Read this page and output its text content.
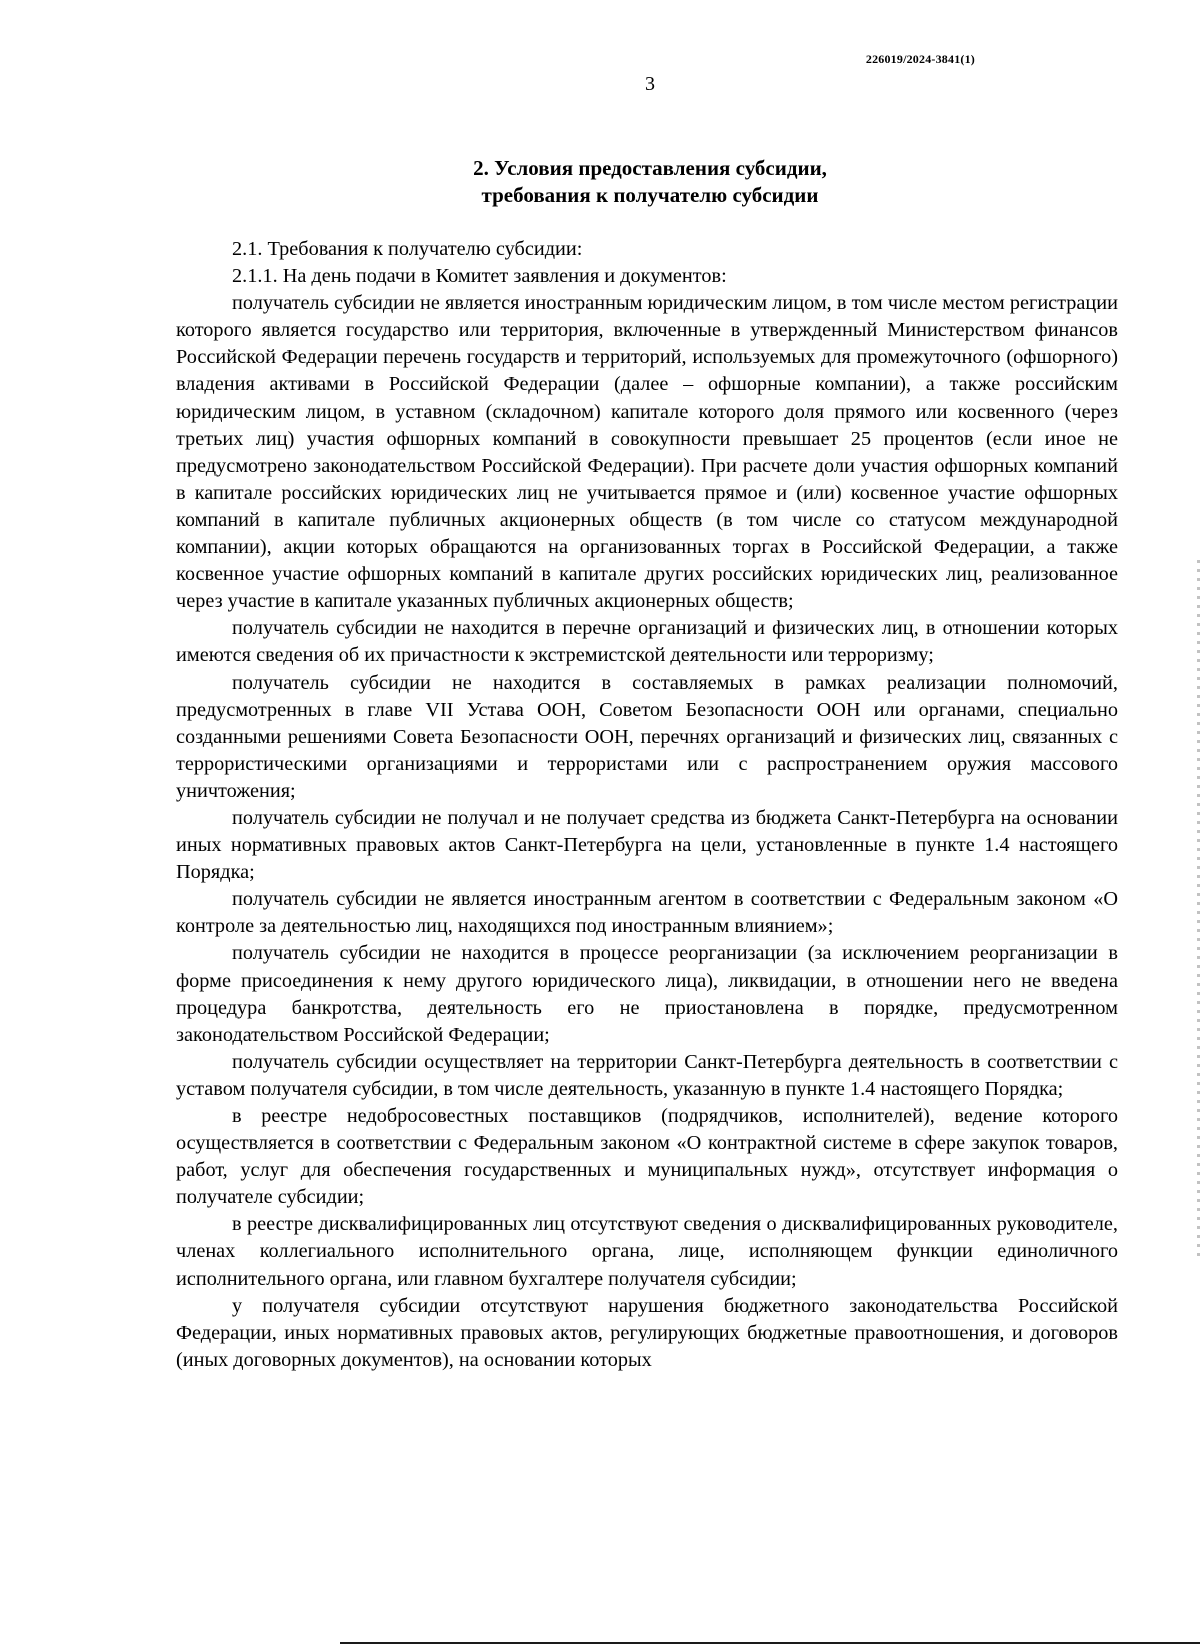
226019/2024-3841(1)
3
2. Условия предоставления субсидии,
требования к получателю субсидии

2.1. Требования к получателю субсидии:

2.1.1. На день подачи в Комитет заявления и документов:

получатель субсидии не является иностранным юридическим лицом, в том числе местом регистрации которого является государство или территория, включенные в утвержденный Министерством финансов Российской Федерации перечень государств и территорий, используемых для промежуточного (офшорного) владения активами в Российской Федерации (далее – офшорные компании), а также российским юридическим лицом, в уставном (складочном) капитале которого доля прямого или косвенного (через третьих лиц) участия офшорных компаний в совокупности превышает 25 процентов (если иное не предусмотрено законодательством Российской Федерации). При расчете доли участия офшорных компаний в капитале российских юридических лиц не учитывается прямое и (или) косвенное участие офшорных компаний в капитале публичных акционерных обществ (в том числе со статусом международной компании), акции которых обращаются на организованных торгах в Российской Федерации, а также косвенное участие офшорных компаний в капитале других российских юридических лиц, реализованное через участие в капитале указанных публичных акционерных обществ;

получатель субсидии не находится в перечне организаций и физических лиц, в отношении которых имеются сведения об их причастности к экстремистской деятельности или терроризму;

получатель субсидии не находится в составляемых в рамках реализации полномочий, предусмотренных в главе VII Устава ООН, Советом Безопасности ООН или органами, специально созданными решениями Совета Безопасности ООН, перечнях организаций и физических лиц, связанных с террористическими организациями и террористами или с распространением оружия массового уничтожения;

получатель субсидии не получал и не получает средства из бюджета Санкт-Петербурга на основании иных нормативных правовых актов Санкт-Петербурга на цели, установленные в пункте 1.4 настоящего Порядка;

получатель субсидии не является иностранным агентом в соответствии с Федеральным законом «О контроле за деятельностью лиц, находящихся под иностранным влиянием»;

получатель субсидии не находится в процессе реорганизации (за исключением реорганизации в форме присоединения к нему другого юридического лица), ликвидации, в отношении него не введена процедура банкротства, деятельность его не приостановлена в порядке, предусмотренном законодательством Российской Федерации;

получатель субсидии осуществляет на территории Санкт-Петербурга деятельность в соответствии с уставом получателя субсидии, в том числе деятельность, указанную в пункте 1.4 настоящего Порядка;

в реестре недобросовестных поставщиков (подрядчиков, исполнителей), ведение которого осуществляется в соответствии с Федеральным законом «О контрактной системе в сфере закупок товаров, работ, услуг для обеспечения государственных и муниципальных нужд», отсутствует информация о получателе субсидии;

в реестре дисквалифицированных лиц отсутствуют сведения о дисквалифицированных руководителе, членах коллегиального исполнительного органа, лице, исполняющем функции единоличного исполнительного органа, или главном бухгалтере получателя субсидии;

у получателя субсидии отсутствуют нарушения бюджетного законодательства Российской Федерации, иных нормативных правовых актов, регулирующих бюджетные правоотношения, и договоров (иных договорных документов), на основании которых
